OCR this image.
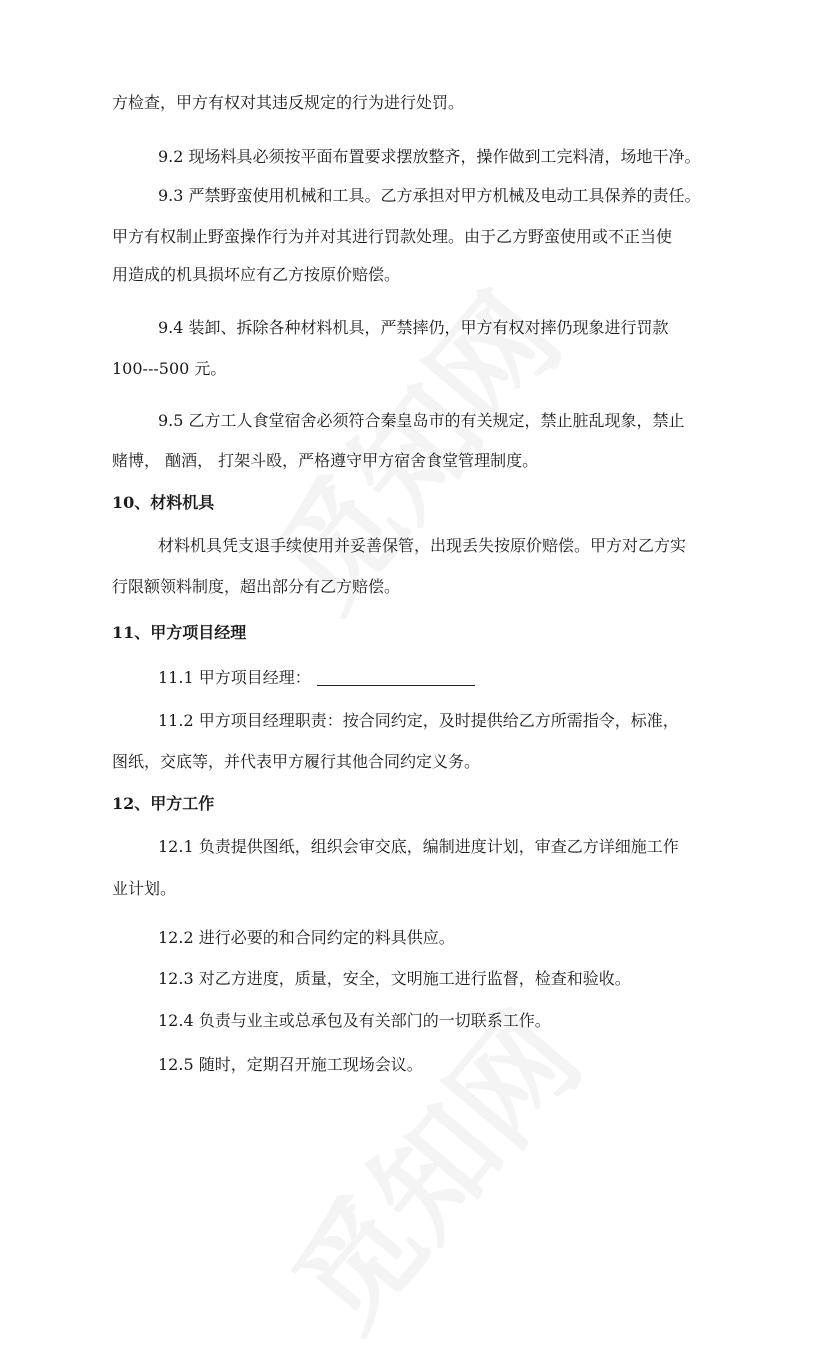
方检查，甲方有权对其违反规定的行为进行处罚。
9.2 现场料具必须按平面布置要求摆放整齐，操作做到工完料清，场地干净。
9.3 严禁野蛮使用机械和工具。乙方承担对甲方机械及电动工具保养的责任。
甲方有权制止野蛮操作行为并对其进行罚款处理。由于乙方野蛮使用或不正当使
用造成的机具损坏应有乙方按原价赔偿。
9.4 装卸、拆除各种材料机具，严禁摔仍，甲方有权对摔仍现象进行罚款
100---500 元。
9.5 乙方工人食堂宿舍必须符合秦皇岛市的有关规定，禁止脏乱现象，禁止
赌博， 酗酒， 打架斗殴，严格遵守甲方宿舍食堂管理制度。
10、材料机具
材料机具凭支退手续使用并妥善保管，出现丢失按原价赔偿。甲方对乙方实
行限额领料制度，超出部分有乙方赔偿。
11、甲方项目经理
11.1 甲方项目经理：
11.2 甲方项目经理职责：按合同约定，及时提供给乙方所需指令，标准，
图纸，交底等，并代表甲方履行其他合同约定义务。
12、甲方工作
12.1 负责提供图纸，组织会审交底，编制进度计划，审查乙方详细施工作
业计划。
12.2 进行必要的和合同约定的料具供应。
12.3 对乙方进度，质量，安全，文明施工进行监督，检查和验收。
12.4 负责与业主或总承包及有关部门的一切联系工作。
12.5 随时，定期召开施工现场会议。
